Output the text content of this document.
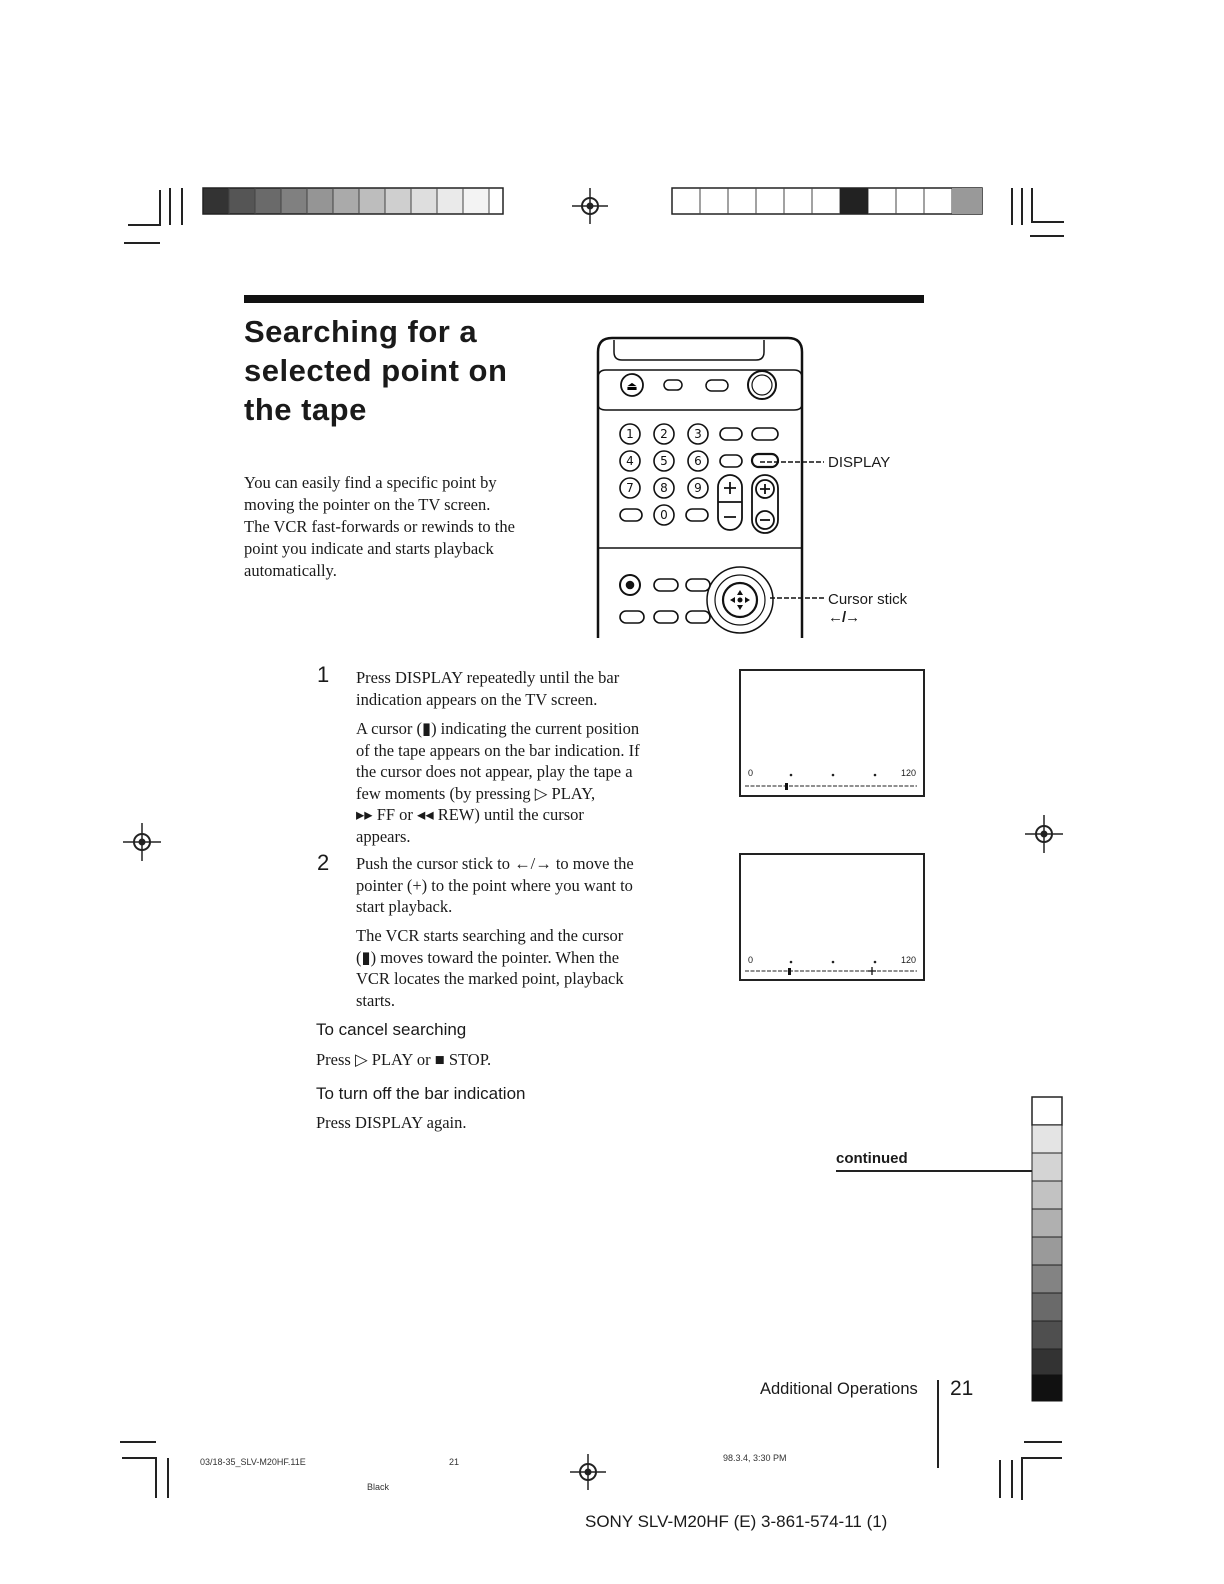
Searching for a
selected point on
the tape
You can easily find a specific point by
moving the pointer on the TV screen.
The VCR fast-forwards or rewinds to the
point you indicate and starts playback
automatically.
⏏
1 2 3
4 5 6
7 8 9
0
DISPLAY
Cursor stick
←/→
1 Press DISPLAY repeatedly until the bar
indication appears on the TV screen.
A cursor (▮) indicating the current position
of the tape appears on the bar indication. If
the cursor does not appear, play the tape a
few moments (by pressing ▷ PLAY,
▸▸ FF or ◂◂ REW) until the cursor
appears.
2 Push the cursor stick to ←/→ to move the
pointer (+) to the point where you want to
start playback.
The VCR starts searching and the cursor
(▮) moves toward the pointer. When the
VCR locates the marked point, playback
starts.
0	120
0	120
To cancel searching
Press ▷ PLAY or ■ STOP.
To turn off the bar indication
Press DISPLAY again.
continued
Additional Operations 21
03/18-35_SLV-M20HF.11E	21
Black
98.3.4, 3:30 PM
SONY SLV-M20HF (E) 3-861-574-11 (1)
